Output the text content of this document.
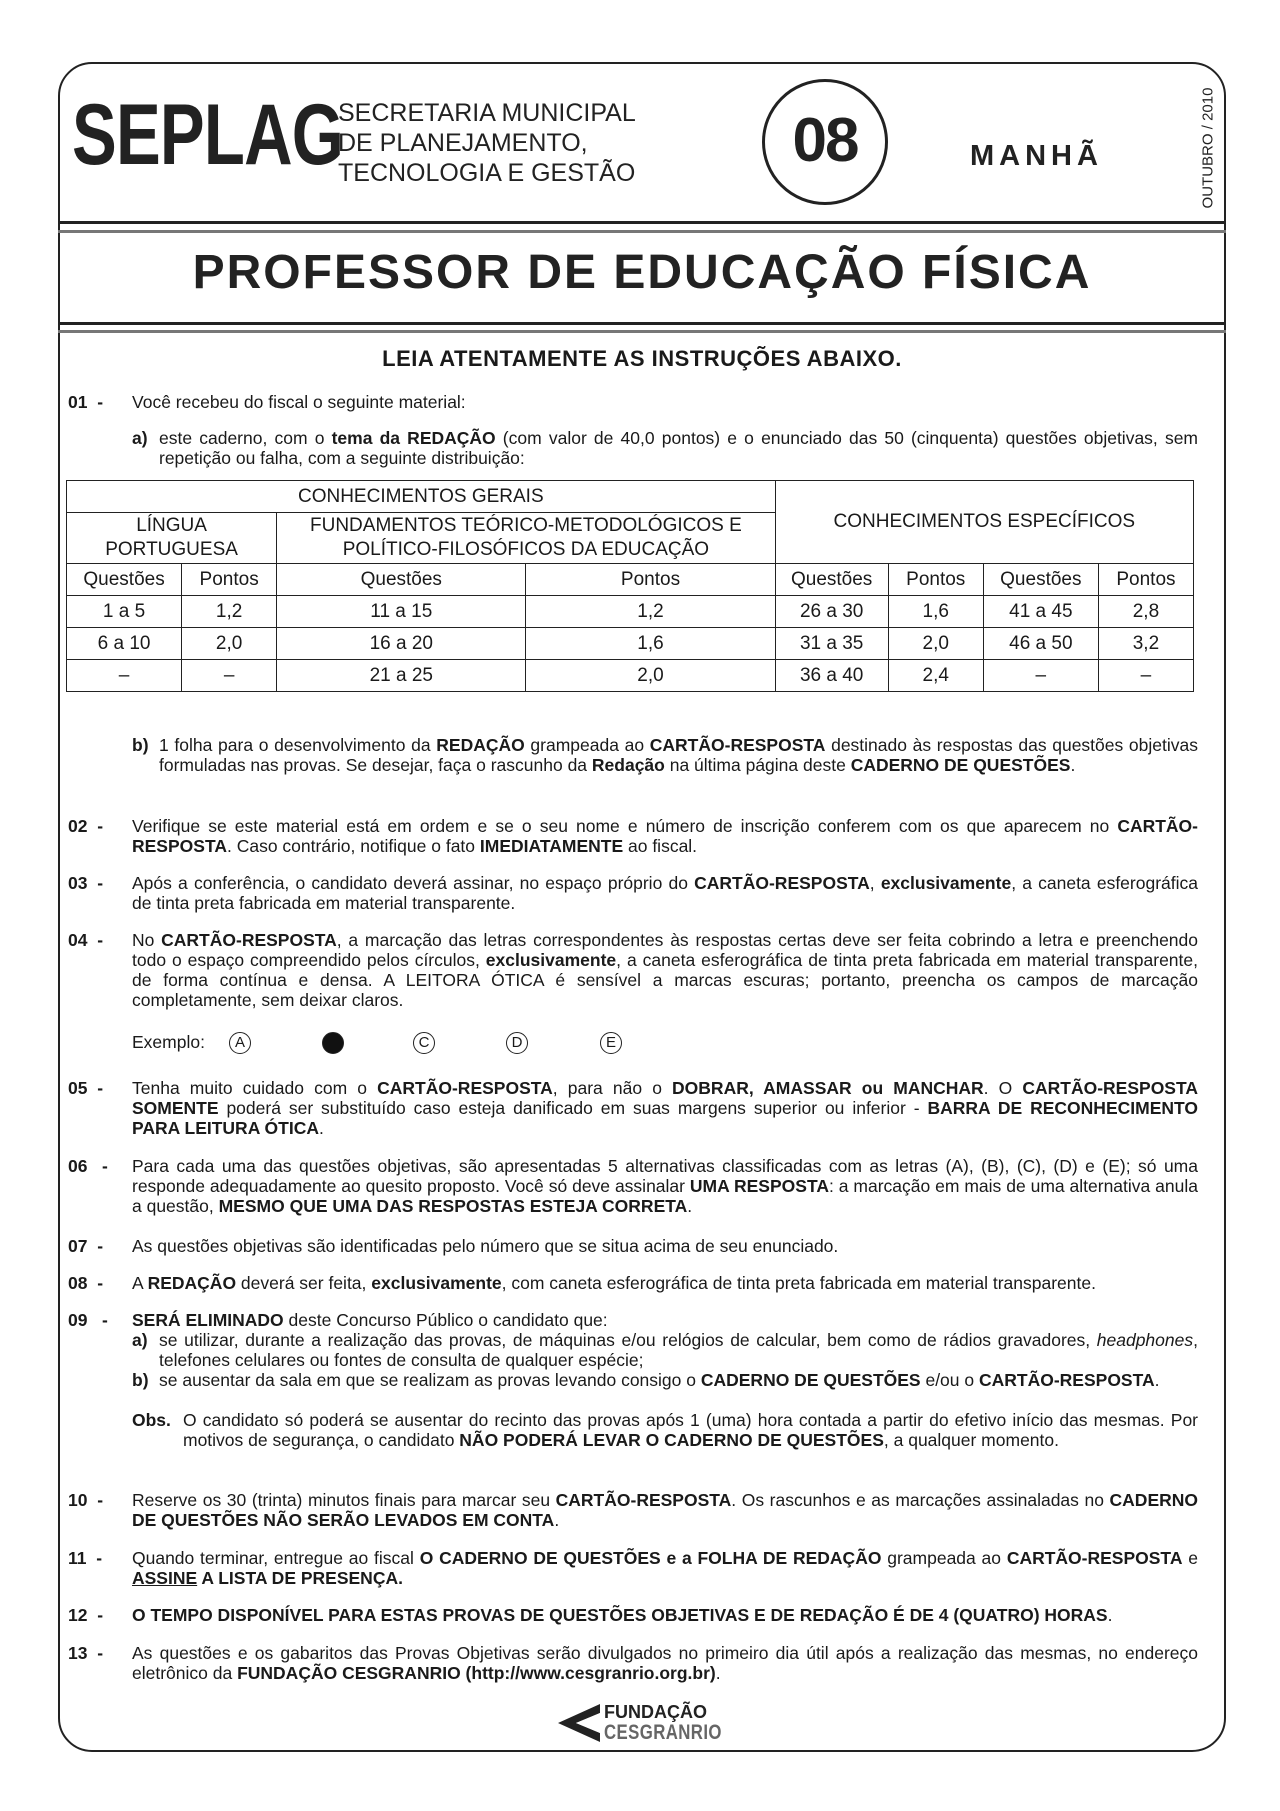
SEPLAG
SECRETARIA MUNICIPAL
DE PLANEJAMENTO,
TECNOLOGIA E GESTÃO	08	MANHÃ	OUTUBRO / 2010
PROFESSOR DE EDUCAÇÃO FÍSICA
LEIA ATENTAMENTE AS INSTRUÇÕES ABAIXO.
01  - Você recebeu do fiscal o seguinte material:
a) este caderno, com o tema da REDAÇÃO (com valor de 40,0 pontos) e o enunciado das 50 (cinquenta) questões objetivas, sem repetição ou falha, com a seguinte distribuição:
CONHECIMENTOS GERAIS				CONHECIMENTOS ESPECÍFICOS			
LÍNGUA PORTUGUESA		FUNDAMENTOS TEÓRICO-METODOLÓGICOS E POLÍTICO-FILOSÓFICOS DA EDUCAÇÃO					
Questões	Pontos	Questões	Pontos	Questões	Pontos	Questões	Pontos
1 a 5	1,2	11 a 15	1,2	26 a 30	1,6	41 a 45	2,8
6 a 10	2,0	16 a 20	1,6	31 a 35	2,0	46 a 50	3,2
–	–	21 a 25	2,0	36 a 40	2,4	–	–
b) 1 folha para o desenvolvimento da REDAÇÃO grampeada ao CARTÃO-RESPOSTA destinado às respostas das questões objetivas formuladas nas provas. Se desejar, faça o rascunho da Redação na última página deste CADERNO DE QUESTÕES.
02  - Verifique se este material está em ordem e se o seu nome e número de inscrição conferem com os que aparecem no CARTÃO-RESPOSTA. Caso contrário, notifique o fato IMEDIATAMENTE ao fiscal.
03  - Após a conferência, o candidato deverá assinar, no espaço próprio do CARTÃO-RESPOSTA, exclusivamente, a caneta esferográfica de tinta preta fabricada em material transparente.
04  - No CARTÃO-RESPOSTA, a marcação das letras correspondentes às respostas certas deve ser feita cobrindo a letra e preenchendo todo o espaço compreendido pelos círculos, exclusivamente, a caneta esferográfica de tinta preta fabricada em material transparente, de forma contínua e densa. A LEITORA ÓTICA é sensível a marcas escuras; portanto, preencha os campos de marcação completamente, sem deixar claros.
Exemplo:	A	C	D	E
05  - Tenha muito cuidado com o CARTÃO-RESPOSTA, para não o DOBRAR, AMASSAR ou MANCHAR. O CARTÃO-RESPOSTA SOMENTE poderá ser substituído caso esteja danificado em suas margens superior ou inferior - BARRA DE RECONHECIMENTO PARA LEITURA ÓTICA.
06   - Para cada uma das questões objetivas, são apresentadas 5 alternativas classificadas com as letras (A), (B), (C), (D) e (E); só uma responde adequadamente ao quesito proposto. Você só deve assinalar UMA RESPOSTA: a marcação em mais de uma alternativa anula a questão, MESMO QUE UMA DAS RESPOSTAS ESTEJA CORRETA.
07  - As questões objetivas são identificadas pelo número que se situa acima de seu enunciado.
08  - A REDAÇÃO deverá ser feita, exclusivamente, com caneta esferográfica de tinta preta fabricada em material transparente.
09   - SERÁ ELIMINADO deste Concurso Público o candidato que:
a) se utilizar, durante a realização das provas, de máquinas e/ou relógios de calcular, bem como de rádios gravadores, headphones, telefones celulares ou fontes de consulta de qualquer espécie;
b) se ausentar da sala em que se realizam as provas levando consigo o CADERNO DE QUESTÕES e/ou o CARTÃO-RESPOSTA.
Obs. O candidato só poderá se ausentar do recinto das provas após 1 (uma) hora contada a partir do efetivo início das mesmas. Por motivos de segurança, o candidato NÃO PODERÁ LEVAR O CADERNO DE QUESTÕES, a qualquer momento.
10  - Reserve os 30 (trinta) minutos finais para marcar seu CARTÃO-RESPOSTA. Os rascunhos e as marcações assinaladas no CADERNO DE QUESTÕES NÃO SERÃO LEVADOS EM CONTA.
11  - Quando terminar, entregue ao fiscal O CADERNO DE QUESTÕES e a FOLHA DE REDAÇÃO grampeada ao CARTÃO-RESPOSTA e ASSINE A LISTA DE PRESENÇA.
12  - O TEMPO DISPONÍVEL PARA ESTAS PROVAS DE QUESTÕES OBJETIVAS E DE REDAÇÃO É DE 4 (QUATRO) HORAS.
13  - As questões e os gabaritos das Provas Objetivas serão divulgados no primeiro dia útil após a realização das mesmas, no endereço eletrônico da FUNDAÇÃO CESGRANRIO (http://www.cesgranrio.org.br).
FUNDAÇÃO
CESGRANRIO
